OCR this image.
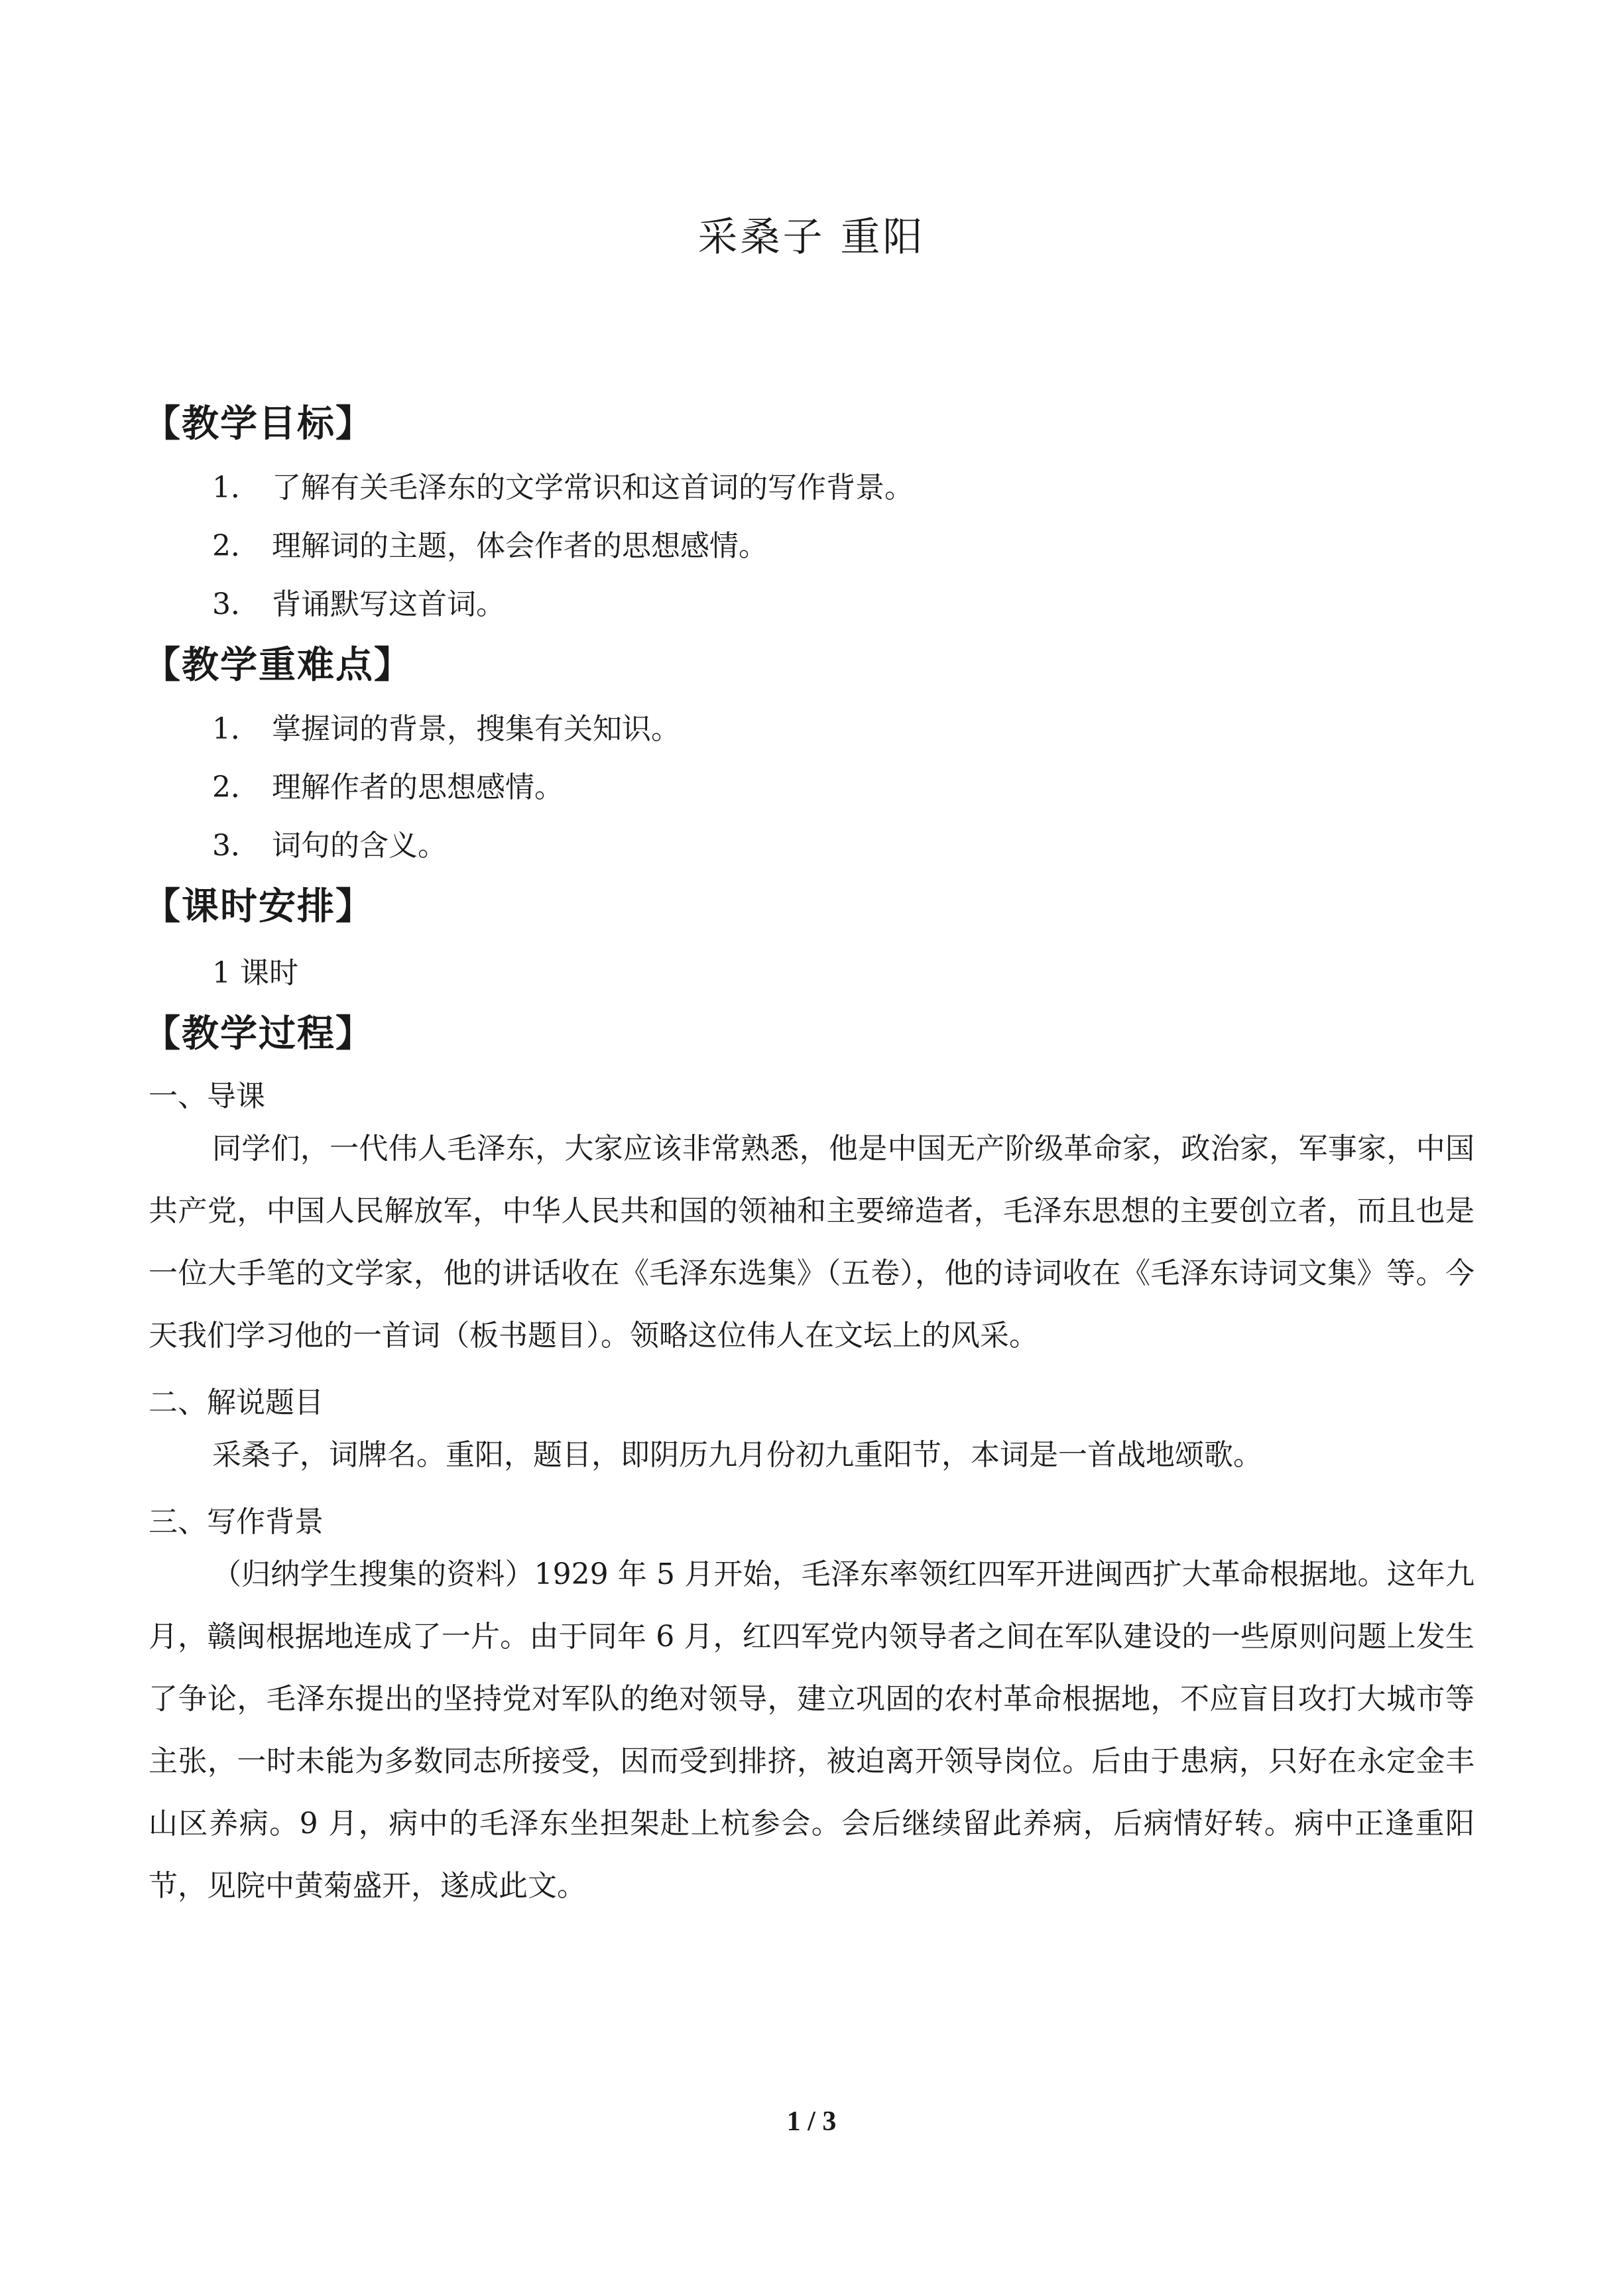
采桑子 重阳
【教学目标】
1． 了解有关毛泽东的文学常识和这首词的写作背景。
2． 理解词的主题，体会作者的思想感情。
3． 背诵默写这首词。
【教学重难点】
1． 掌握词的背景，搜集有关知识。
2． 理解作者的思想感情。
3． 词句的含义。
【课时安排】

1 课时

【教学过程】

一、导课

同学们，一代伟人毛泽东，大家应该非常熟悉，他是中国无产阶级革命家，政治家，军事家，中国共产党，中国人民解放军，中华人民共和国的领袖和主要缔造者，毛泽东思想的主要创立者，而且也是一位大手笔的文学家，他的讲话收在《毛泽东选集》（五卷），他的诗词收在《毛泽东诗词文集》等。今天我们学习他的一首词（板书题目）。领略这位伟人在文坛上的风采。

二、解说题目

采桑子，词牌名。重阳，题目，即阴历九月份初九重阳节，本词是一首战地颂歌。

三、写作背景

（归纳学生搜集的资料）1929 年 5 月开始，毛泽东率领红四军开进闽西扩大革命根据地。这年九月，赣闽根据地连成了一片。由于同年 6 月，红四军党内领导者之间在军队建设的一些原则问题上发生了争论，毛泽东提出的坚持党对军队的绝对领导，建立巩固的农村革命根据地，不应盲目攻打大城市等主张，一时未能为多数同志所接受，因而受到排挤，被迫离开领导岗位。后由于患病，只好在永定金丰山区养病。9 月，病中的毛泽东坐担架赴上杭参会。会后继续留此养病，后病情好转。病中正逢重阳节，见院中黄菊盛开，遂成此文。

1 / 3
